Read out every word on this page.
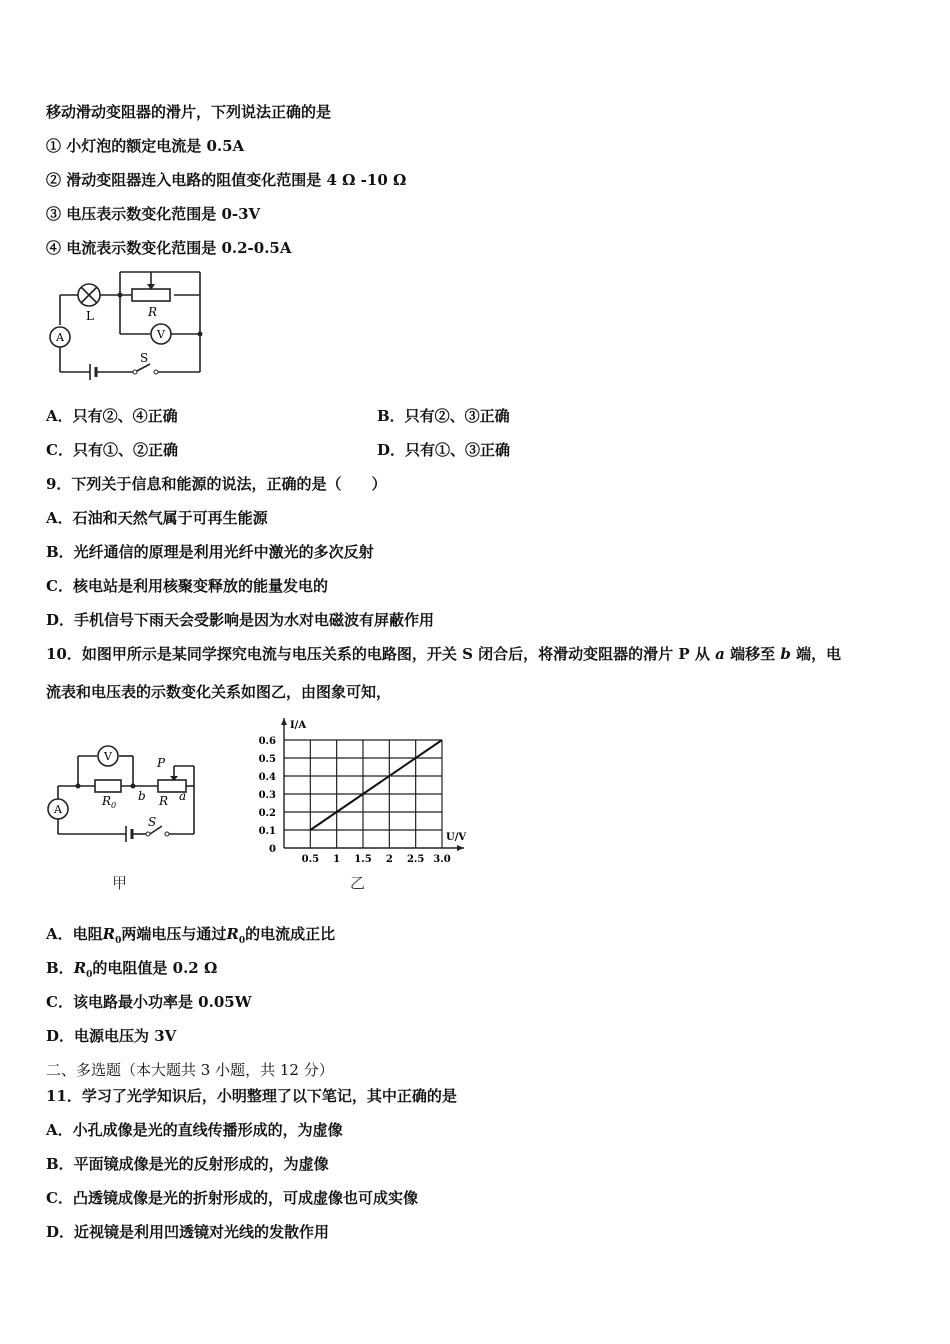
移动滑动变阻器的滑片，下列说法正确的是
① 小灯泡的额定电流是 0.5A
② 滑动变阻器连入电路的阻值变化范围是 4 Ω -10 Ω
③ 电压表示数变化范围是 0-3V
④ 电流表示数变化范围是 0.2-0.5A
L	R
A	V
S
A．只有②、④正确	B．只有②、③正确
C．只有①、②正确	D．只有①、③正确
9．下列关于信息和能源的说法，正确的是（　　）
A．石油和天然气属于可再生能源
B．光纤通信的原理是利用光纤中激光的多次反射
C．核电站是利用核聚变释放的能量发电的
D．手机信号下雨天会受影响是因为水对电磁波有屏蔽作用
10．如图甲所示是某同学探究电流与电压关系的电路图，开关 S 闭合后，将滑动变阻器的滑片 P 从 a 端移至 b 端，电
流表和电压表的示数变化关系如图乙，由图象可知，
V
A
$R_0$
b R a
P
S
0.5 1 1.5 2 2.5 3.0
0
0.1
0.2
0.3
0.4
0.5
0.6
U/V
I/A
甲	乙
A．电阻$R_0$两端电压与通过$R_0$的电流成正比
B．$R_0$的电阻值是 0.2 Ω
C．该电路最小功率是 0.05W
D．电源电压为 3V
二、多选题（本大题共 3 小题，共 12 分）
11．学习了光学知识后，小明整理了以下笔记，其中正确的是
A．小孔成像是光的直线传播形成的，为虚像
B．平面镜成像是光的反射形成的，为虚像
C．凸透镜成像是光的折射形成的，可成虚像也可成实像
D．近视镜是利用凹透镜对光线的发散作用
